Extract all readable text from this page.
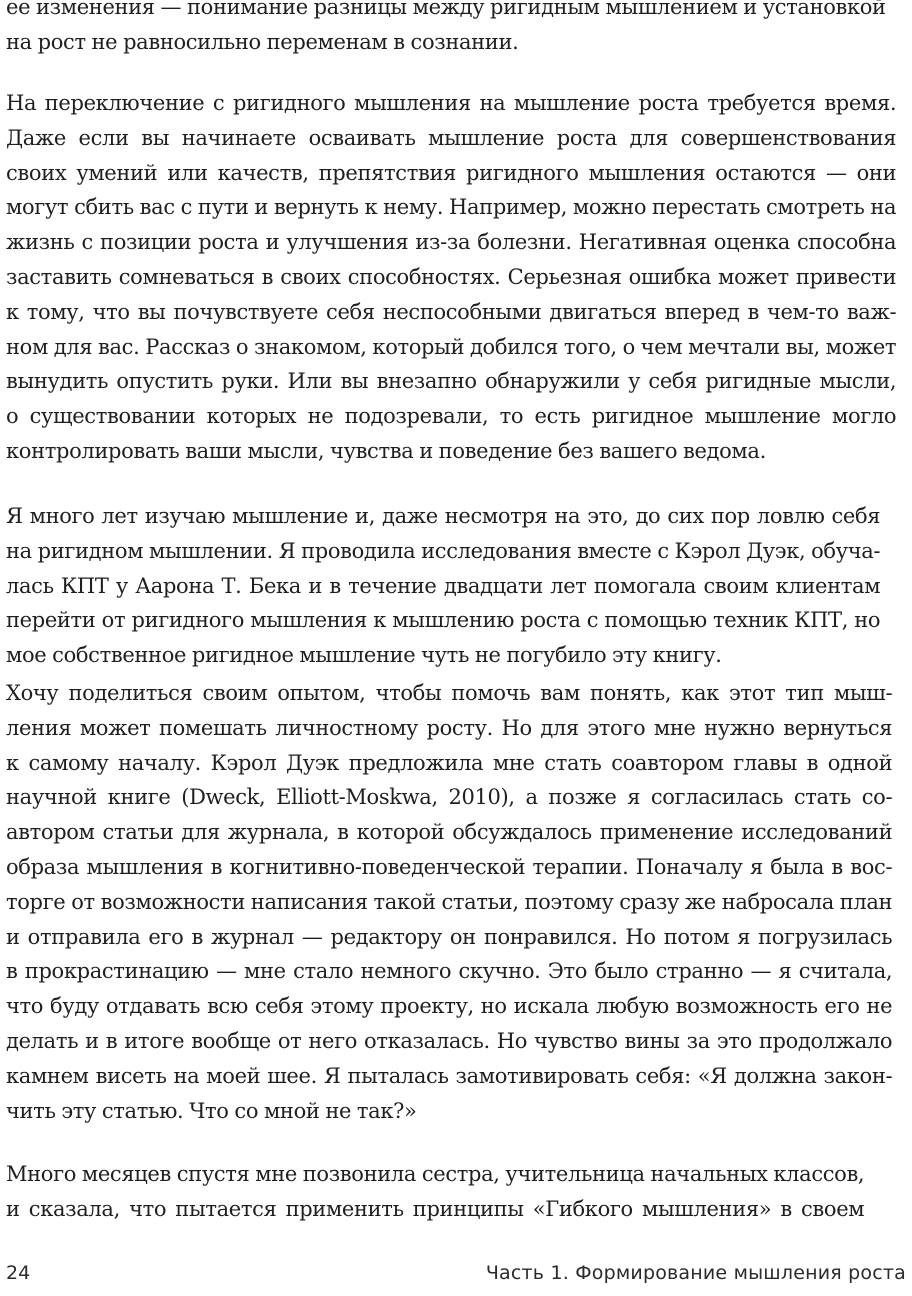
ее изменения — понимание разницы между ригидным мышлением и установкой
на рост не равносильно переменам в сознании.
На переключение с ригидного мышления на мышление роста требуется время.
Даже если вы начинаете осваивать мышление роста для совершенствования
своих умений или качеств, препятствия ригидного мышления остаются — они
могут сбить вас с пути и вернуть к нему. Например, можно перестать смотреть на
жизнь с позиции роста и улучшения из-за болезни. Негативная оценка способна
заставить сомневаться в своих способностях. Серьезная ошибка может привести
к тому, что вы почувствуете себя неспособными двигаться вперед в чем-то важ-
ном для вас. Рассказ о знакомом, который добился того, о чем мечтали вы, может
вынудить опустить руки. Или вы внезапно обнаружили у себя ригидные мысли,
о существовании которых не подозревали, то есть ригидное мышление могло
контролировать ваши мысли, чувства и поведение без вашего ведома.
Я много лет изучаю мышление и, даже несмотря на это, до сих пор ловлю себя
на ригидном мышлении. Я проводила исследования вместе с Кэрол Дуэк, обуча-
лась КПТ у Аарона Т. Бека и в течение двадцати лет помогала своим клиентам
перейти от ригидного мышления к мышлению роста с помощью техник КПТ, но
мое собственное ригидное мышление чуть не погубило эту книгу.
Хочу поделиться своим опытом, чтобы помочь вам понять, как этот тип мыш-
ления может помешать личностному росту. Но для этого мне нужно вернуться
к самому началу. Кэрол Дуэк предложила мне стать соавтором главы в одной
научной книге (Dweck, Elliott-Moskwa, 2010), а позже я согласилась стать со-
автором статьи для журнала, в которой обсуждалось применение исследований
образа мышления в когнитивно-поведенческой терапии. Поначалу я была в вос-
торге от возможности написания такой статьи, поэтому сразу же набросала план
и отправила его в журнал — редактору он понравился. Но потом я погрузилась
в прокрастинацию — мне стало немного скучно. Это было странно — я считала,
что буду отдавать всю себя этому проекту, но искала любую возможность его не
делать и в итоге вообще от него отказалась. Но чувство вины за это продолжало
камнем висеть на моей шее. Я пыталась замотивировать себя: «Я должна закон-
чить эту статью. Что со мной не так?»
Много месяцев спустя мне позвонила сестра, учительница начальных классов,
и сказала, что пытается применить принципы «Гибкого мышления» в своем
24	Часть 1. Формирование мышления роста
